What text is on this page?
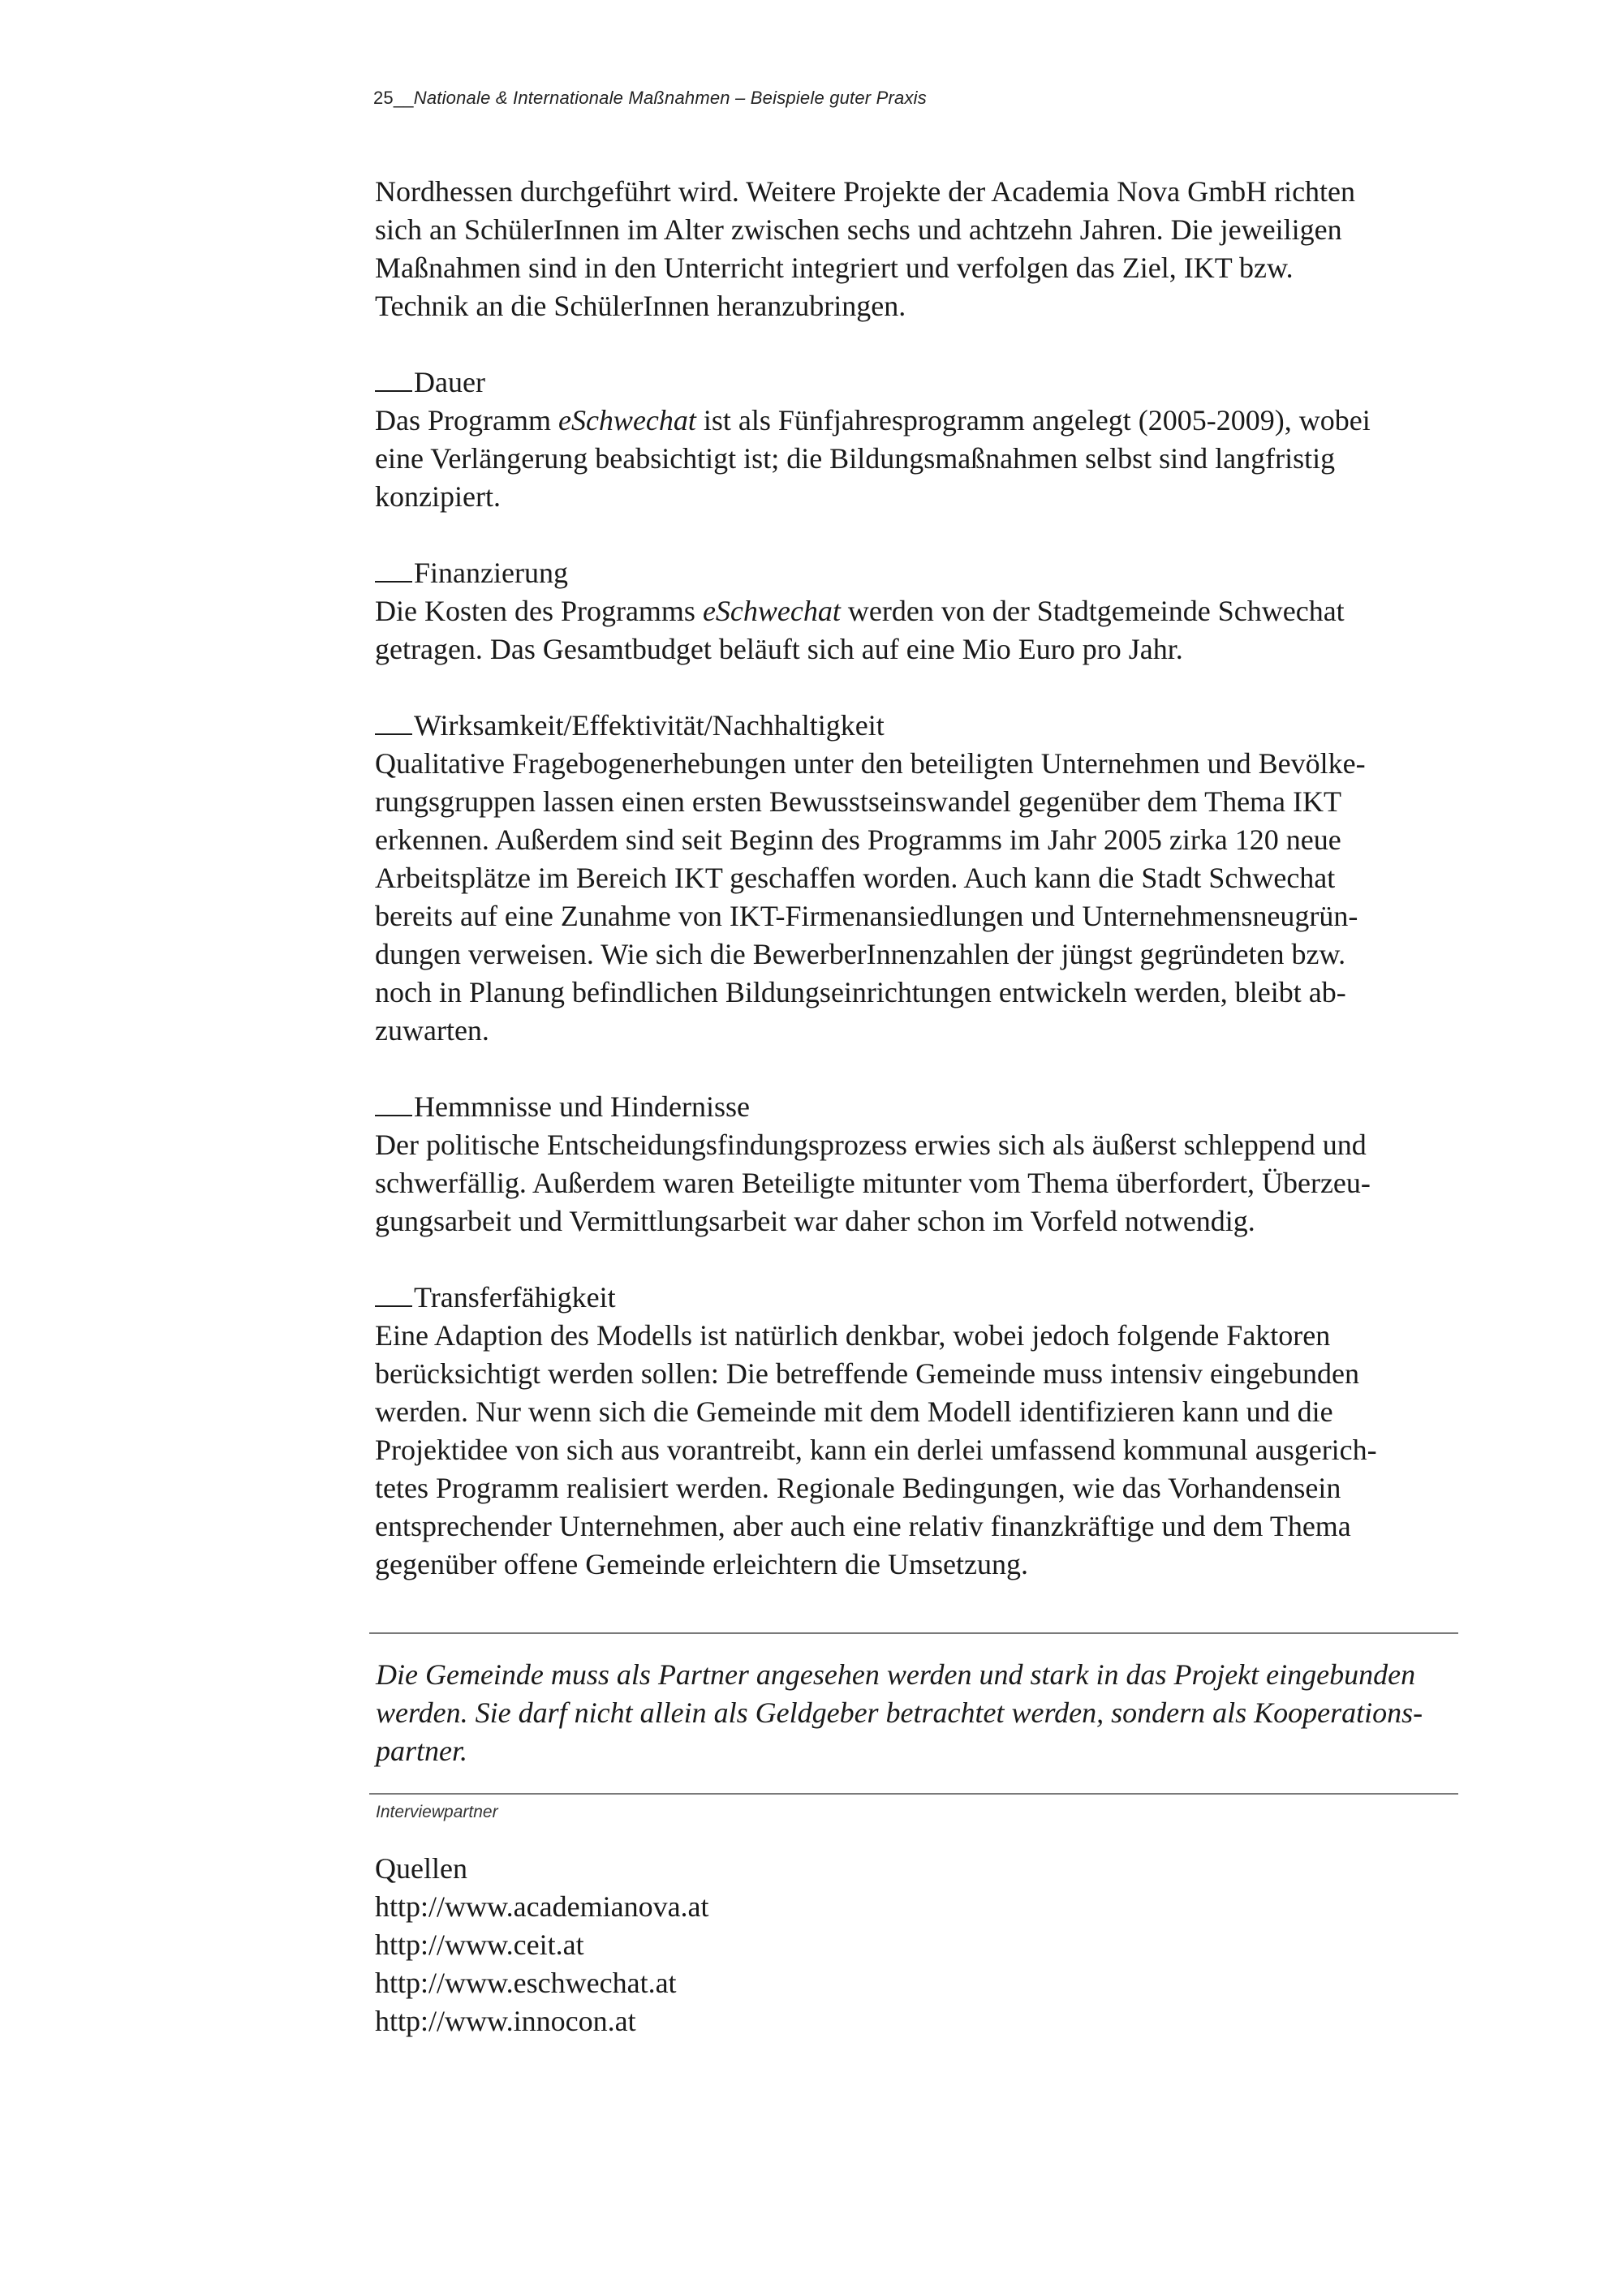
25__Nationale & Internationale Maßnahmen – Beispiele guter Praxis

Nordhessen durchgeführt wird. Weitere Projekte der Academia Nova GmbH richten
sich an SchülerInnen im Alter zwischen sechs und achtzehn Jahren. Die jeweiligen
Maßnahmen sind in den Unterricht integriert und verfolgen das Ziel, IKT bzw.
Technik an die SchülerInnen heranzubringen.

Dauer

Das Programm eSchwechat ist als Fünfjahresprogramm angelegt (2005-2009), wobei
eine Verlängerung beabsichtigt ist; die Bildungsmaßnahmen selbst sind langfristig
konzipiert.

Finanzierung

Die Kosten des Programms eSchwechat werden von der Stadtgemeinde Schwechat
getragen. Das Gesamtbudget beläuft sich auf eine Mio Euro pro Jahr.

Wirksamkeit/Effektivität/Nachhaltigkeit

Qualitative Fragebogenerhebungen unter den beteiligten Unternehmen und Bevölke-
rungsgruppen lassen einen ersten Bewusstseinswandel gegenüber dem Thema IKT
erkennen. Außerdem sind seit Beginn des Programms im Jahr 2005 zirka 120 neue
Arbeitsplätze im Bereich IKT geschaffen worden. Auch kann die Stadt Schwechat
bereits auf eine Zunahme von IKT-Firmenansiedlungen und Unternehmensneugrün-
dungen verweisen. Wie sich die BewerberInnenzahlen der jüngst gegründeten bzw.
noch in Planung befindlichen Bildungseinrichtungen entwickeln werden, bleibt ab-
zuwarten.

Hemmnisse und Hindernisse

Der politische Entscheidungsfindungsprozess erwies sich als äußerst schleppend und
schwerfällig. Außerdem waren Beteiligte mitunter vom Thema überfordert, Überzeu-
gungsarbeit und Vermittlungsarbeit war daher schon im Vorfeld notwendig.

Transferfähigkeit

Eine Adaption des Modells ist natürlich denkbar, wobei jedoch folgende Faktoren
berücksichtigt werden sollen: Die betreffende Gemeinde muss intensiv eingebunden
werden. Nur wenn sich die Gemeinde mit dem Modell identifizieren kann und die
Projektidee von sich aus vorantreibt, kann ein derlei umfassend kommunal ausgerich-
tetes Programm realisiert werden. Regionale Bedingungen, wie das Vorhandensein
entsprechender Unternehmen, aber auch eine relativ finanzkräftige und dem Thema
gegenüber offene Gemeinde erleichtern die Umsetzung.

Die Gemeinde muss als Partner angesehen werden und stark in das Projekt eingebunden
werden. Sie darf nicht allein als Geldgeber betrachtet werden, sondern als Kooperations-
partner.

Interviewpartner
Quellen
http://www.academianova.at
http://www.ceit.at
http://www.eschwechat.at
http://www.innocon.at
